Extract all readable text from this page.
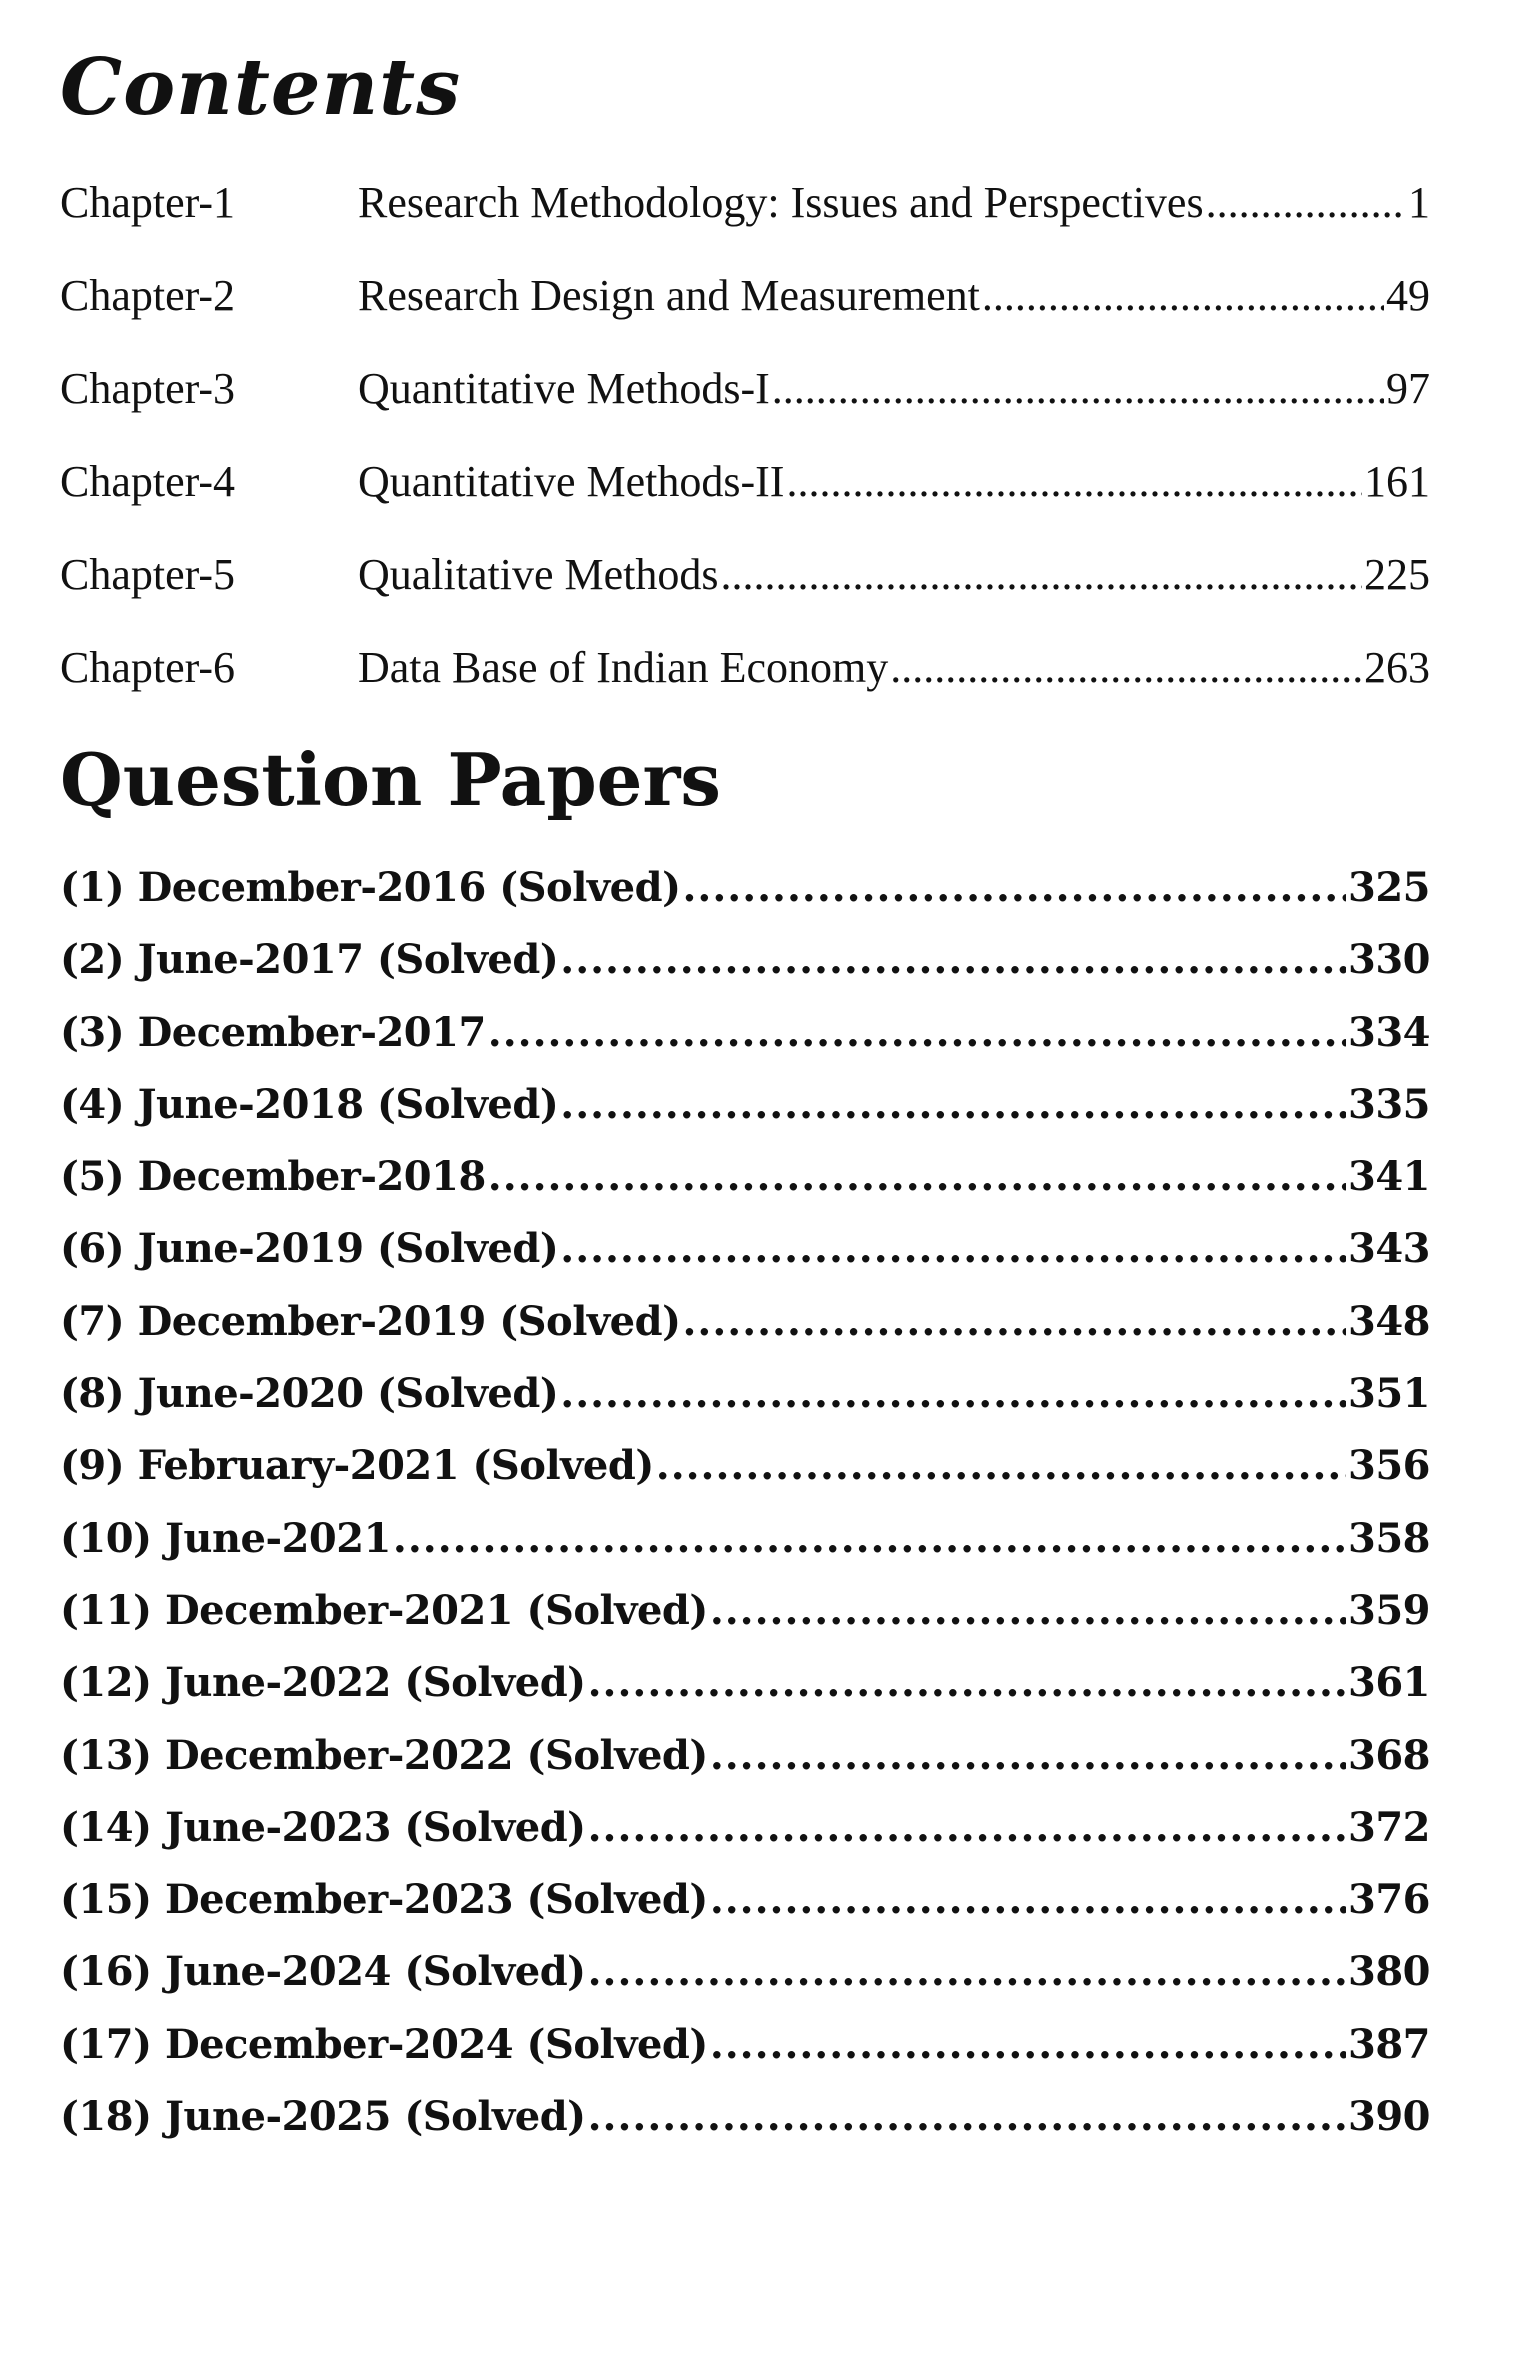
Contents
Chapter-1	Research Methodology: Issues and Perspectives .....	1
Chapter-2	Research Design and Measurement .....	49
Chapter-3	Quantitative Methods-I .....	97
Chapter-4	Quantitative Methods-II .....	161
Chapter-5	Qualitative Methods .....	225
Chapter-6	Data Base of Indian Economy .....	263
Question Papers
(1) December-2016 (Solved) .....	325
(2) June-2017 (Solved) .....	330
(3) December-2017 .....	334
(4) June-2018 (Solved) .....	335
(5) December-2018 .....	341
(6) June-2019 (Solved) .....	343
(7) December-2019 (Solved) .....	348
(8) June-2020 (Solved) .....	351
(9) February-2021 (Solved) .....	356
(10) June-2021 .....	358
(11) December-2021 (Solved) .....	359
(12) June-2022 (Solved) .....	361
(13) December-2022 (Solved) .....	368
(14) June-2023 (Solved) .....	372
(15) December-2023 (Solved) .....	376
(16) June-2024 (Solved) .....	380
(17) December-2024 (Solved) .....	387
(18) June-2025 (Solved) .....	390
